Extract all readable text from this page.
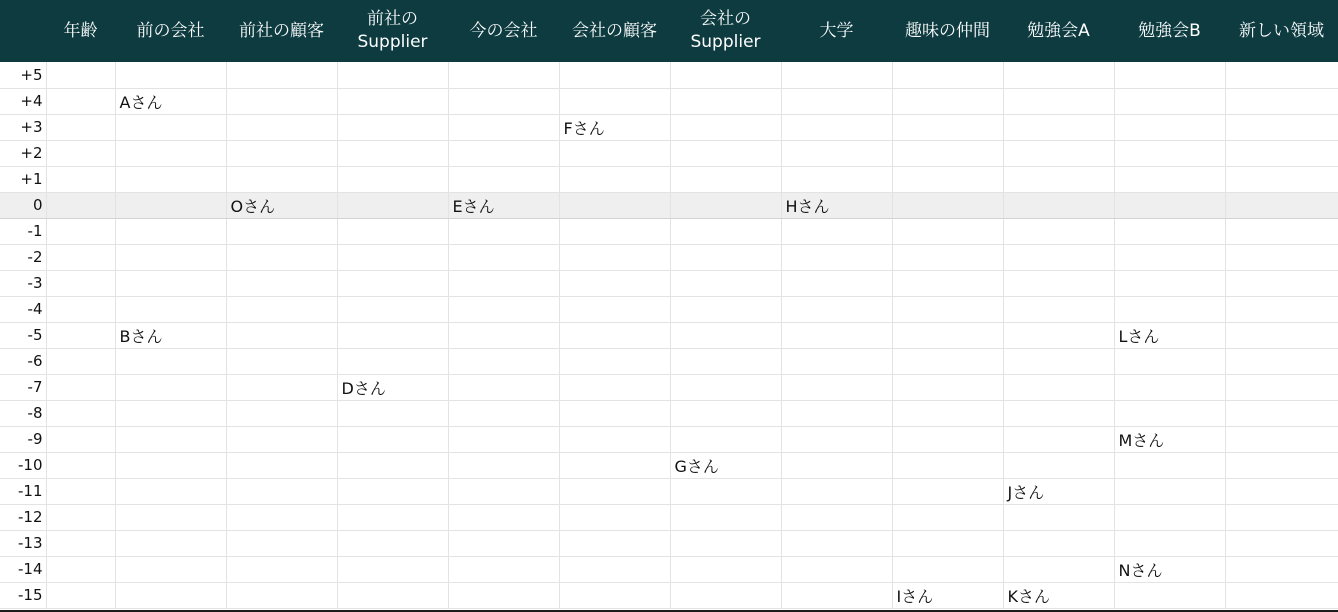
	年齢	前の会社	前社の顧客	前社の
Supplier	今の会社	会社の顧客	会社の
Supplier	大学	趣味の仲間	勉強会A	勉強会B	新しい領域
+5												
+4		Aさん										
+3						Fさん						
+2												
+1												
0			Oさん		Eさん			Hさん				
-1												
-2												
-3												
-4												
-5		Bさん									Lさん	
-6												
-7				Dさん								
-8												
-9											Mさん	
-10							Gさん					
-11										Jさん		
-12												
-13												
-14											Nさん	
-15									Iさん	Kさん		
